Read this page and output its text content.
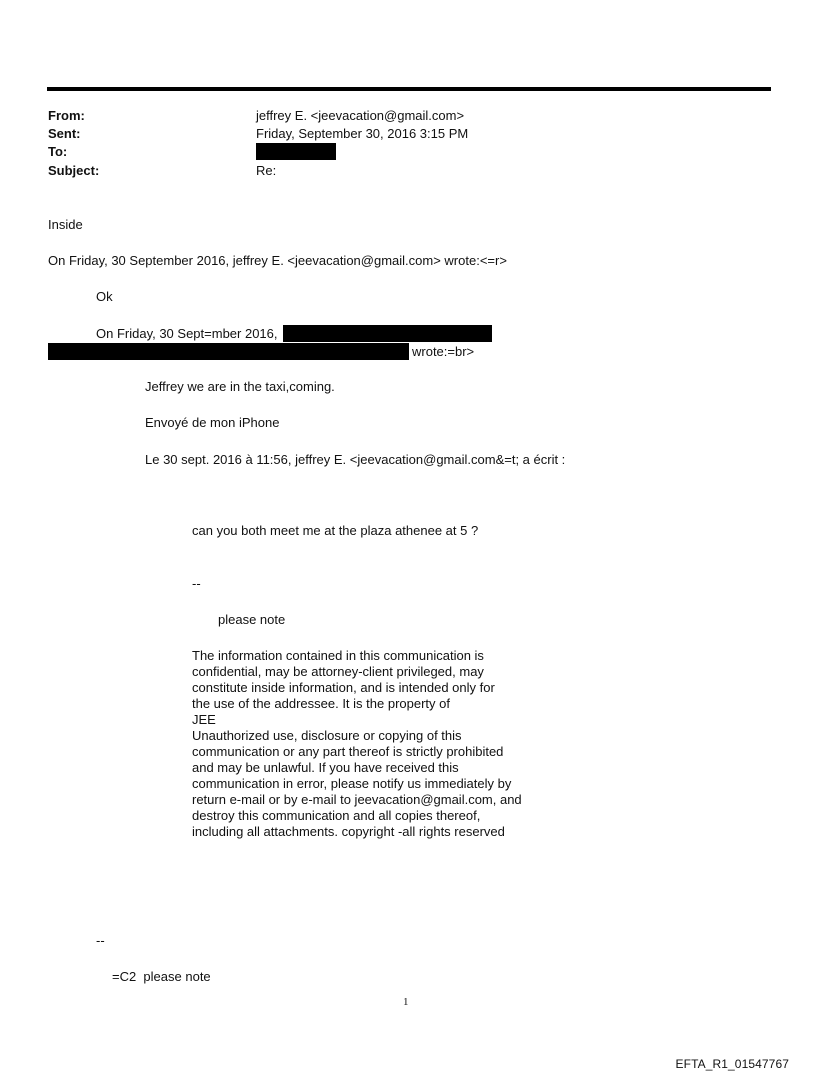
From:	jeffrey E. <jeevacation@gmail.com>
Sent:	Friday, September 30, 2016 3:15 PM
To:
Subject:	Re:
Inside
On Friday, 30 September 2016, jeffrey E. <jeevacation@gmail.com> wrote:<=r>
Ok
On Friday, 30 Sept=mber 2016,
wrote:=br>
Jeffrey we are in the taxi,coming.
Envoyé de mon iPhone
Le 30 sept. 2016 à 11:56, jeffrey E. <jeevacation@gmail.com&=t; a écrit :
can you both meet me at the plaza athenee at 5 ?
--
please note
The information contained in this communication is
confidential, may be attorney-client privileged, may
constitute inside information, and is intended only for
the use of the addressee. It is the property of
JEE
Unauthorized use, disclosure or copying of this
communication or any part thereof is strictly prohibited
and may be unlawful. If you have received this
communication in error, please notify us immediately by
return e-mail or by e-mail to jeevacation@gmail.com, and
destroy this communication and all copies thereof,
including all attachments. copyright -all rights reserved
--
=C2  please note
1
EFTA_R1_01547767
